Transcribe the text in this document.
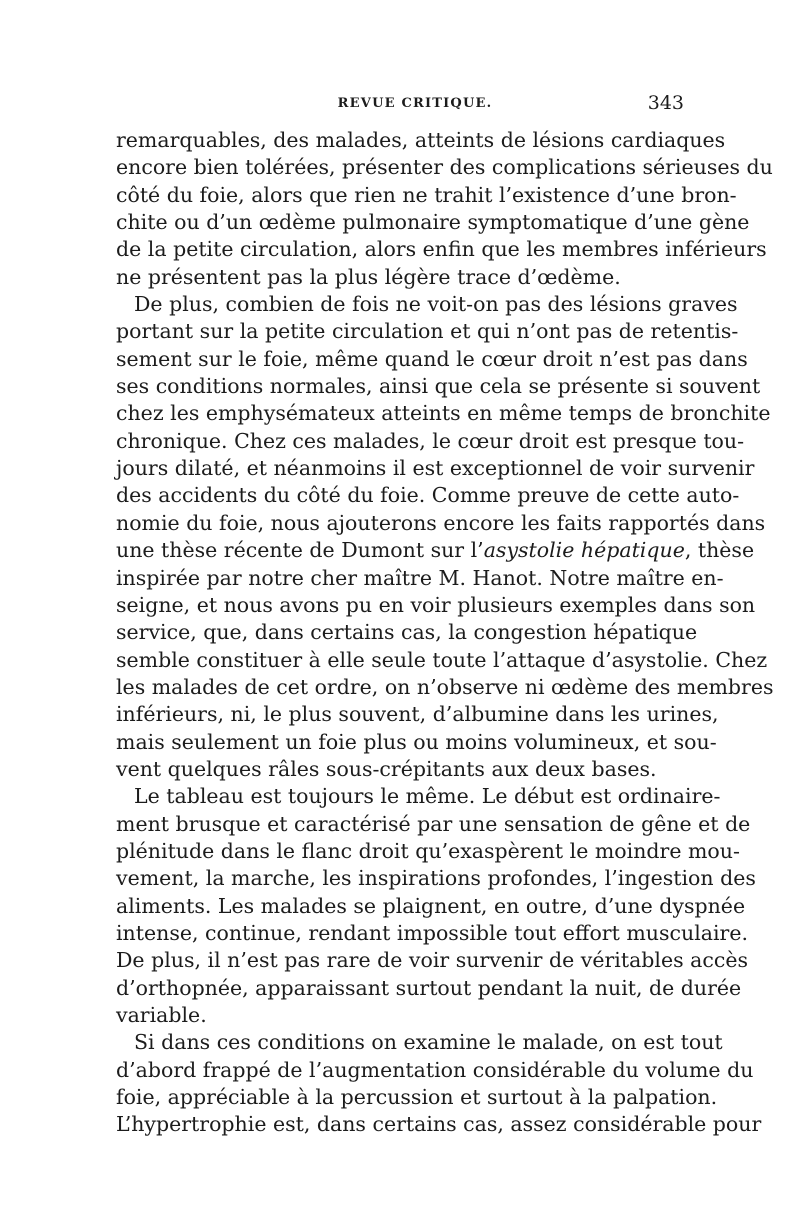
REVUE CRITIQUE.	343
remarquables, des malades, atteints de lésions cardiaques
encore bien tolérées, présenter des complications sérieuses du
côté du foie, alors que rien ne trahit l’existence d’une bron-
chite ou d’un œdème pulmonaire symptomatique d’une gène
de la petite circulation, alors enfin que les membres inférieurs
ne présentent pas la plus légère trace d’œdème.
De plus, combien de fois ne voit-on pas des lésions graves
portant sur la petite circulation et qui n’ont pas de retentis-
sement sur le foie, même quand le cœur droit n’est pas dans
ses conditions normales, ainsi que cela se présente si souvent
chez les emphysémateux atteints en même temps de bronchite
chronique. Chez ces malades, le cœur droit est presque tou-
jours dilaté, et néanmoins il est exceptionnel de voir survenir
des accidents du côté du foie. Comme preuve de cette auto-
nomie du foie, nous ajouterons encore les faits rapportés dans
une thèse récente de Dumont sur l’asystolie hépatique, thèse
inspirée par notre cher maître M. Hanot. Notre maître en-
seigne, et nous avons pu en voir plusieurs exemples dans son
service, que, dans certains cas, la congestion hépatique
semble constituer à elle seule toute l’attaque d’asystolie. Chez
les malades de cet ordre, on n’observe ni œdème des membres
inférieurs, ni, le plus souvent, d’albumine dans les urines,
mais seulement un foie plus ou moins volumineux, et sou-
vent quelques râles sous-crépitants aux deux bases.
Le tableau est toujours le même. Le début est ordinaire-
ment brusque et caractérisé par une sensation de gêne et de
plénitude dans le flanc droit qu’exaspèrent le moindre mou-
vement, la marche, les inspirations profondes, l’ingestion des
aliments. Les malades se plaignent, en outre, d’une dyspnée
intense, continue, rendant impossible tout effort musculaire.
De plus, il n’est pas rare de voir survenir de véritables accès
d’orthopnée, apparaissant surtout pendant la nuit, de durée
variable.
Si dans ces conditions on examine le malade, on est tout
d’abord frappé de l’augmentation considérable du volume du
foie, appréciable à la percussion et surtout à la palpation.
L’hypertrophie est, dans certains cas, assez considérable pour
